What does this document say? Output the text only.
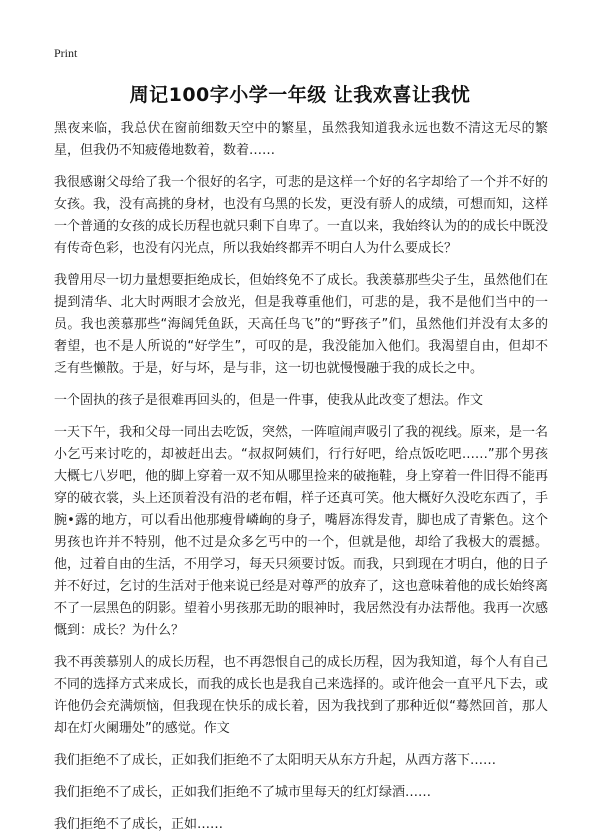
Print
周记100字小学一年级 让我欢喜让我忧

黑夜来临，我总伏在窗前细数天空中的繁星，虽然我知道我永远也数不清这无尽的繁星，但我仍不知疲倦地数着，数着……

我很感谢父母给了我一个很好的名字，可悲的是这样一个好的名字却给了一个并不好的女孩。我，没有高挑的身材，也没有乌黑的长发，更没有骄人的成绩，可想而知，这样一个普通的女孩的成长历程也就只剩下自卑了。一直以来，我始终认为的的成长中既没有传奇色彩，也没有闪光点，所以我始终都弄不明白人为什么要成长？

我曾用尽一切力量想要拒绝成长，但始终免不了成长。我羡慕那些尖子生，虽然他们在提到清华、北大时两眼才会放光，但是我尊重他们，可悲的是，我不是他们当中的一员。我也羡慕那些“海阔凭鱼跃，天高任鸟飞”的“野孩子”们，虽然他们并没有太多的奢望，也不是人所说的“好学生”，可叹的是，我没能加入他们。我渴望自由，但却不乏有些懒散。于是，好与坏，是与非，这一切也就慢慢融于我的成长之中。

一个固执的孩子是很难再回头的，但是一件事，使我从此改变了想法。作文

一天下午，我和父母一同出去吃饭，突然，一阵喧闹声吸引了我的视线。原来，是一名小乞丐来讨吃的，却被赶出去。“叔叔阿姨们，行行好吧，给点饭吃吧……”那个男孩大概七八岁吧，他的脚上穿着一双不知从哪里捡来的破拖鞋，身上穿着一件旧得不能再穿的破衣裳，头上还顶着没有沿的老布帽，样子还真可笑。他大概好久没吃东西了，手腕•露的地方，可以看出他那瘦骨嶙峋的身子，嘴唇冻得发青，脚也成了青紫色。这个男孩也许并不特别，他不过是众多乞丐中的一个，但就是他，却给了我极大的震撼。他，过着自由的生活，不用学习，每天只须要讨饭。而我，只到现在才明白，他的日子并不好过，乞讨的生活对于他来说已经是对尊严的放弃了，这也意味着他的成长始终离不了一层黑色的阴影。望着小男孩那无助的眼神时，我居然没有办法帮他。我再一次感慨到：成长？为什么？

我不再羡慕别人的成长历程，也不再怨恨自己的成长历程，因为我知道，每个人有自己不同的选择方式来成长，而我的成长也是我自己来选择的。或许他会一直平凡下去，或许他仍会充满烦恼，但我现在快乐的成长着，因为我找到了那种近似“蓦然回首，那人却在灯火阑珊处”的感觉。作文

我们拒绝不了成长，正如我们拒绝不了太阳明天从东方升起，从西方落下……

我们拒绝不了成长，正如我们拒绝不了城市里每天的红灯绿酒……

我们拒绝不了成长，正如……
